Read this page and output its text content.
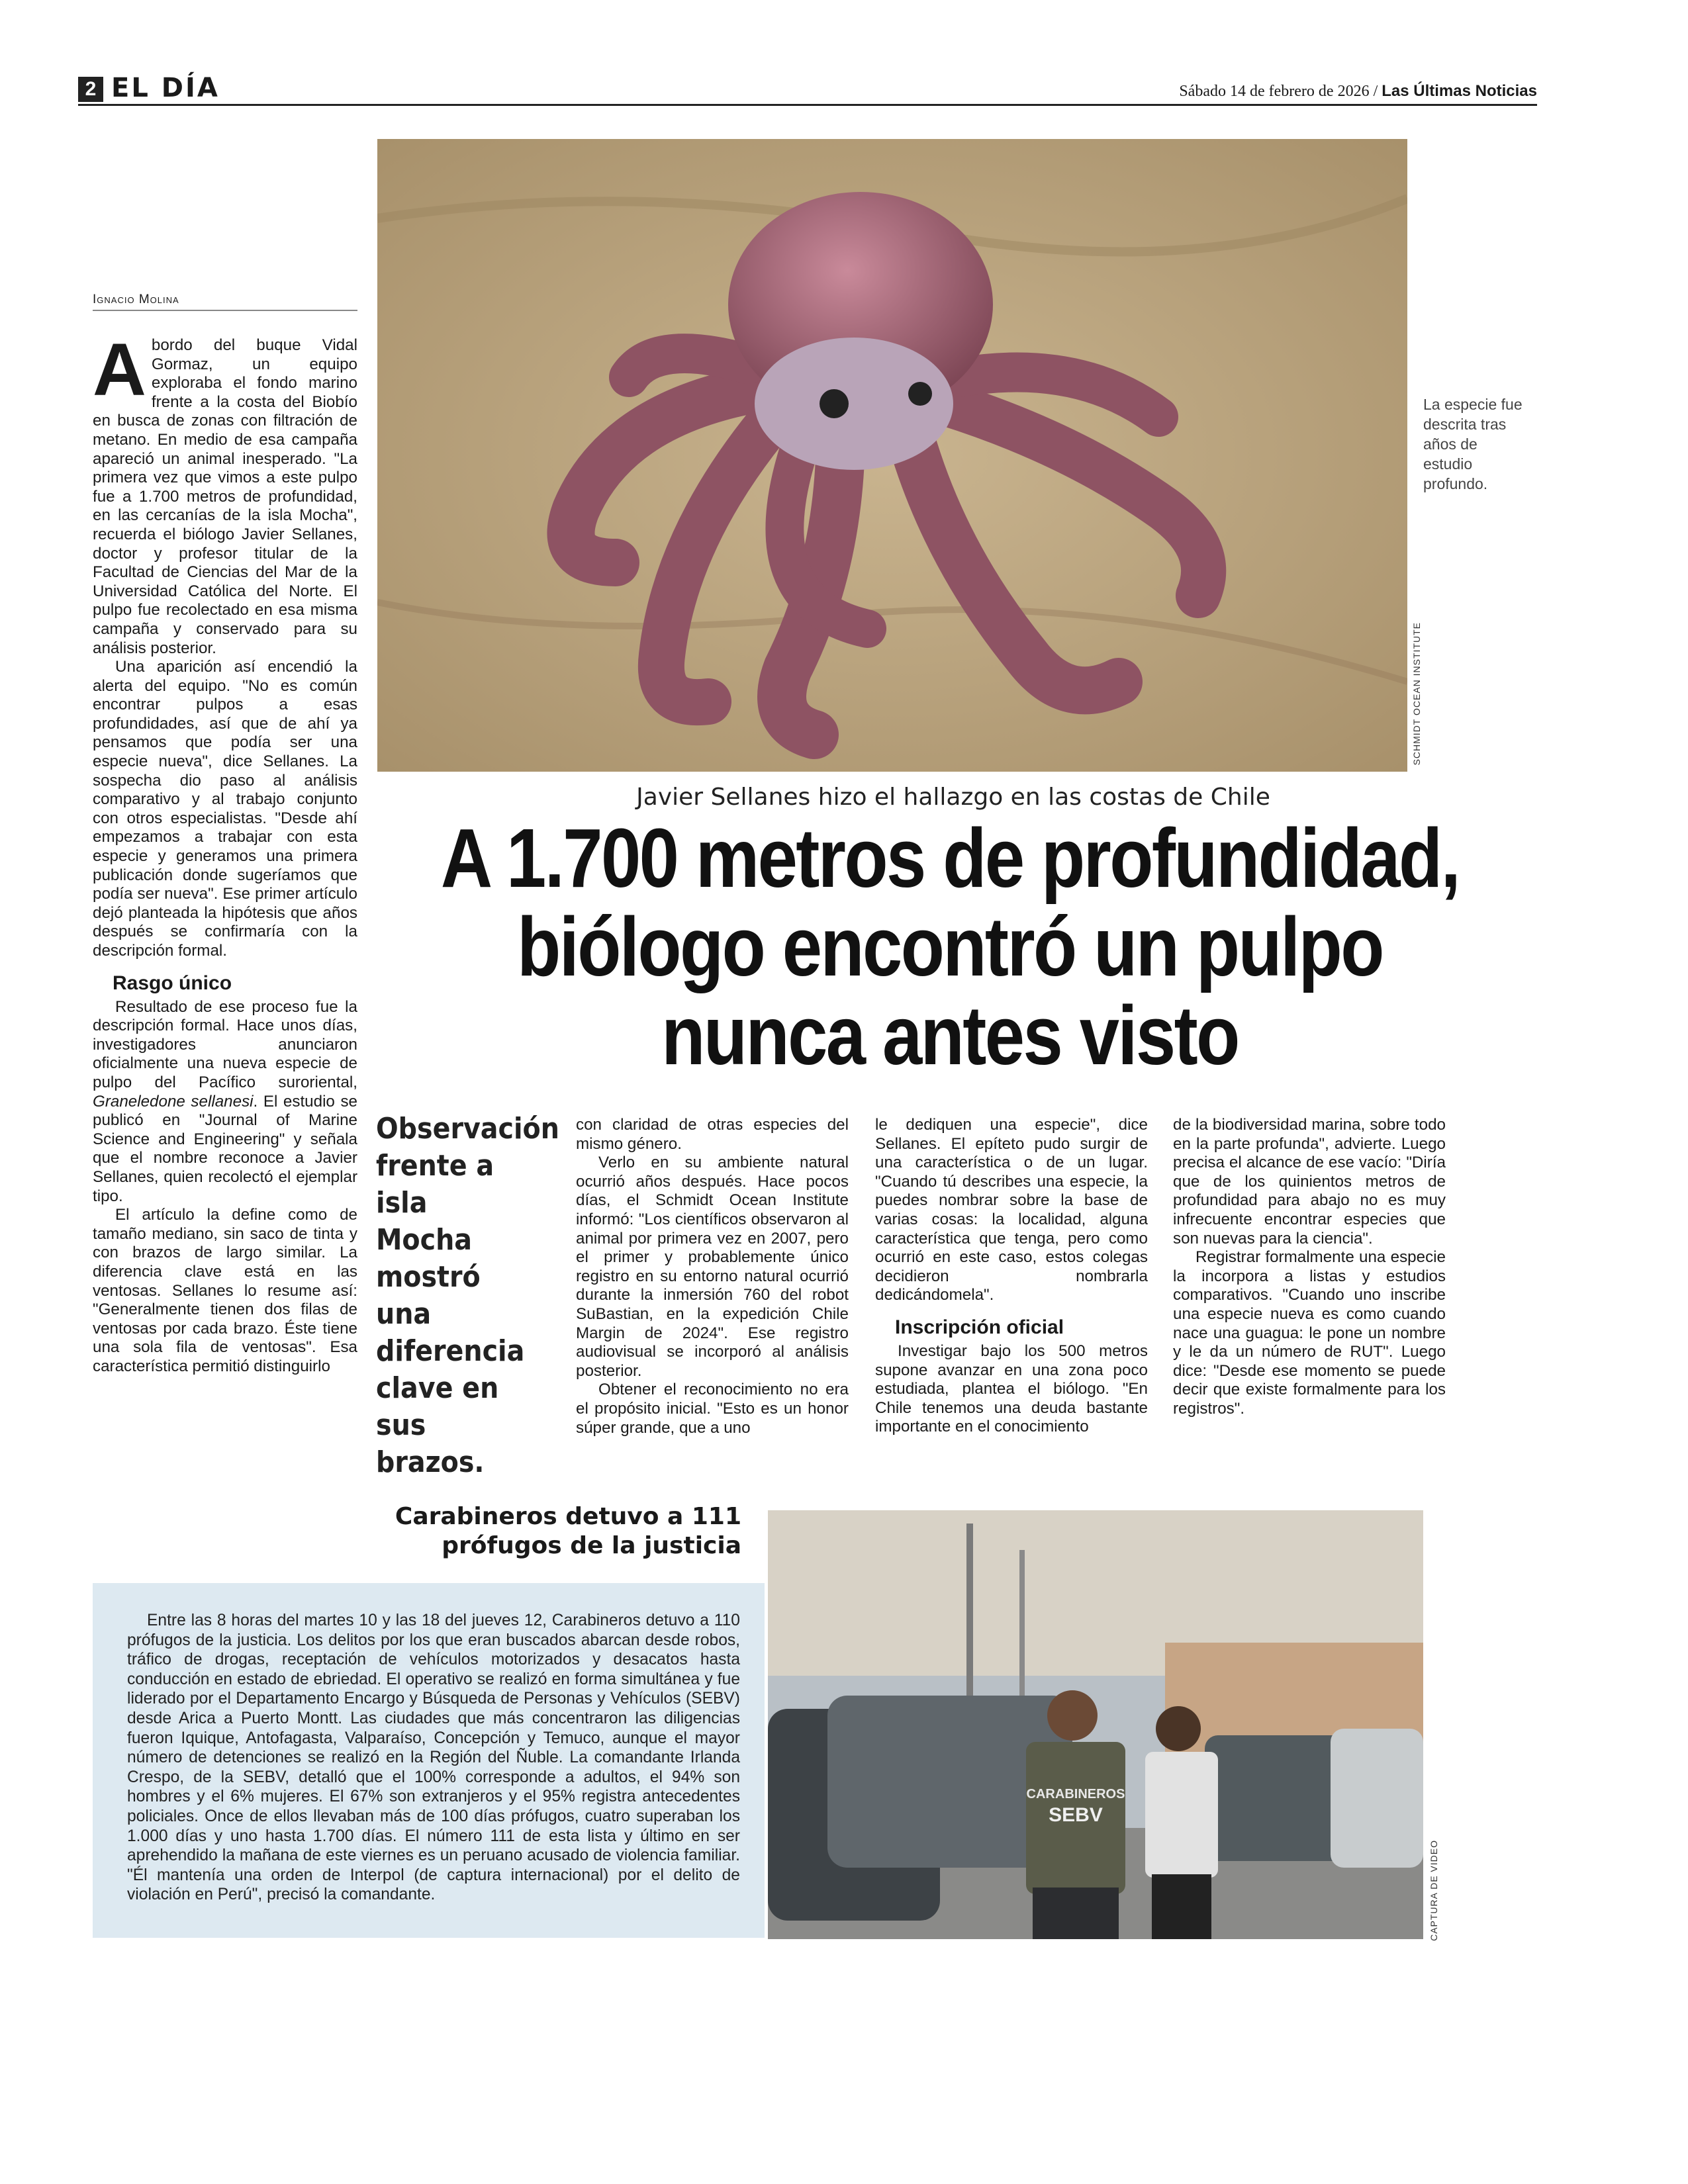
2 EL DÍA	Sábado 14 de febrero de 2026 / Las Últimas Noticias
SCHMIDT OCEAN INSTITUTE
La especie fue descrita tras años de estudio profundo.
Ignacio Molina

Abordo del buque Vidal Gormaz, un equipo exploraba el fondo marino frente a la costa del Biobío en busca de zonas con filtración de metano. En medio de esa campaña apareció un animal inesperado. "La primera vez que vimos a este pulpo fue a 1.700 metros de profundidad, en las cercanías de la isla Mocha", recuerda el biólogo Javier Sellanes, doctor y profesor titular de la Facultad de Ciencias del Mar de la Universidad Católica del Norte. El pulpo fue recolectado en esa misma campaña y conservado para su análisis posterior.

Una aparición así encendió la alerta del equipo. "No es común encontrar pulpos a esas profundidades, así que de ahí ya pensamos que podía ser una especie nueva", dice Sellanes. La sospecha dio paso al análisis comparativo y al trabajo conjunto con otros especialistas. "Desde ahí empezamos a trabajar con esta especie y generamos una primera publicación donde sugeríamos que podía ser nueva". Ese primer artículo dejó planteada la hipótesis que años después se confirmaría con la descripción formal.

Rasgo único

Resultado de ese proceso fue la descripción formal. Hace unos días, investigadores anunciaron oficialmente una nueva especie de pulpo del Pacífico suroriental, Graneledone sellanesi. El estudio se publicó en "Journal of Marine Science and Engineering" y señala que el nombre reconoce a Javier Sellanes, quien recolectó el ejemplar tipo.

El artículo la define como de tamaño mediano, sin saco de tinta y con brazos de largo similar. La diferencia clave está en las ventosas. Sellanes lo resume así: "Generalmente tienen dos filas de ventosas por cada brazo. Éste tiene una sola fila de ventosas". Esa característica permitió distinguirlo

Javier Sellanes hizo el hallazgo en las costas de Chile
A 1.700 metros de profundidad, biólogo encontró un pulpo nunca antes visto
Observación frente a isla Mocha mostró una diferencia clave en sus brazos.

con claridad de otras especies del mismo género.

Verlo en su ambiente natural ocurrió años después. Hace pocos días, el Schmidt Ocean Institute informó: "Los científicos observaron al animal por primera vez en 2007, pero el primer y probablemente único registro en su entorno natural ocurrió durante la inmersión 760 del robot SuBastian, en la expedición Chile Margin de 2024". Ese registro audiovisual se incorporó al análisis posterior.

Obtener el reconocimiento no era el propósito inicial. "Esto es un honor súper grande, que a uno

le dediquen una especie", dice Sellanes. El epíteto pudo surgir de una característica o de un lugar. "Cuando tú describes una especie, la puedes nombrar sobre la base de varias cosas: la localidad, alguna característica que tenga, pero como ocurrió en este caso, estos colegas decidieron nombrarla dedicándomela".

Inscripción oficial

Investigar bajo los 500 metros supone avanzar en una zona poco estudiada, plantea el biólogo. "En Chile tenemos una deuda bastante importante en el conocimiento

de la biodiversidad marina, sobre todo en la parte profunda", advierte. Luego precisa el alcance de ese vacío: "Diría que de los quinientos metros de profundidad para abajo no es muy infrecuente encontrar especies que son nuevas para la ciencia".

Registrar formalmente una especie la incorpora a listas y estudios comparativos. "Cuando uno inscribe una especie nueva es como cuando nace una guagua: le pone un nombre y le da un número de RUT". Luego dice: "Desde ese momento se puede decir que existe formalmente para los registros".

Carabineros detuvo a 111 prófugos de la justicia

Entre las 8 horas del martes 10 y las 18 del jueves 12, Carabineros detuvo a 110 prófugos de la justicia. Los delitos por los que eran buscados abarcan desde robos, tráfico de drogas, receptación de vehículos motorizados y desacatos hasta conducción en estado de ebriedad. El operativo se realizó en forma simultánea y fue liderado por el Departamento Encargo y Búsqueda de Personas y Vehículos (SEBV) desde Arica a Puerto Montt. Las ciudades que más concentraron las diligencias fueron Iquique, Antofagasta, Valparaíso, Concepción y Temuco, aunque el mayor número de detenciones se realizó en la Región del Ñuble. La comandante Irlanda Crespo, de la SEBV, detalló que el 100% corresponde a adultos, el 94% son hombres y el 6% mujeres. El 67% son extranjeros y el 95% registra antecedentes policiales. Once de ellos llevaban más de 100 días prófugos, cuatro superaban los 1.000 días y uno hasta 1.700 días. El número 111 de esta lista y último en ser aprehendido la mañana de este viernes es un peruano acusado de violencia familiar. "Él mantenía una orden de Interpol (de captura internacional) por el delito de violación en Perú", precisó la comandante.

CARABINEROS
SEBV
CAPTURA DE VIDEO
